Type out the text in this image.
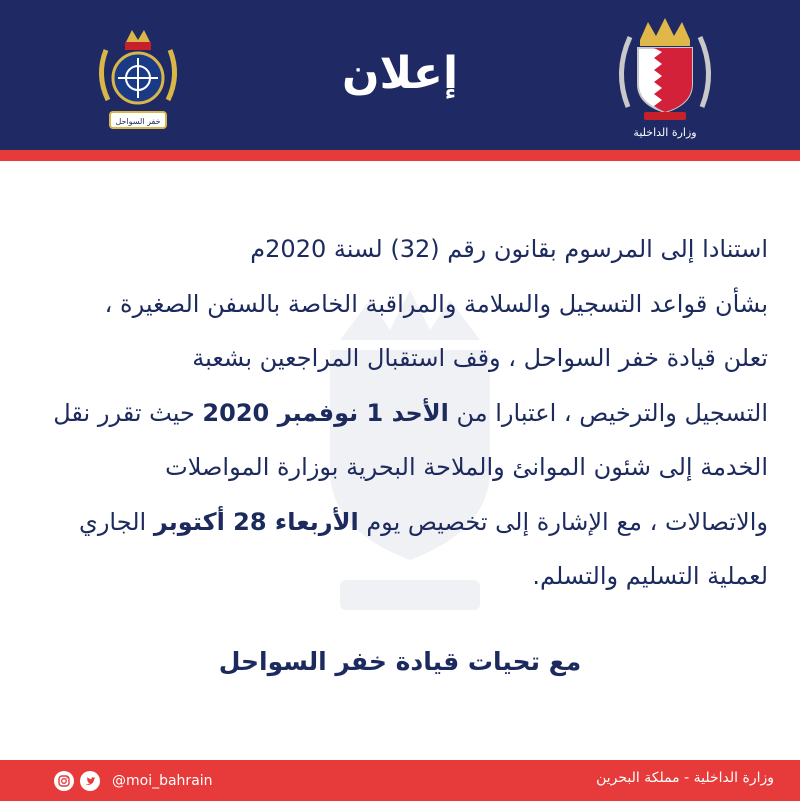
خفر السواحل
إعلان
وزارة الداخلية
استنادا إلى المرسوم بقانون رقم (32) لسنة 2020م
بشأن قواعد التسجيل والسلامة والمراقبة الخاصة بالسفن الصغيرة ،
تعلن قيادة خفر السواحل ، وقف استقبال المراجعين بشعبة
التسجيل والترخيص ، اعتبارا من الأحد 1 نوفمبر 2020 حيث تقرر نقل
الخدمة إلى شئون الموانئ والملاحة البحرية بوزارة المواصلات
والاتصالات ، مع الإشارة إلى تخصيص يوم الأربعاء 28 أكتوبر الجاري
لعملية التسليم والتسلم.
مع تحيات قيادة خفر السواحل
@moi_bahrain	وزارة الداخلية - مملكة البحرين
